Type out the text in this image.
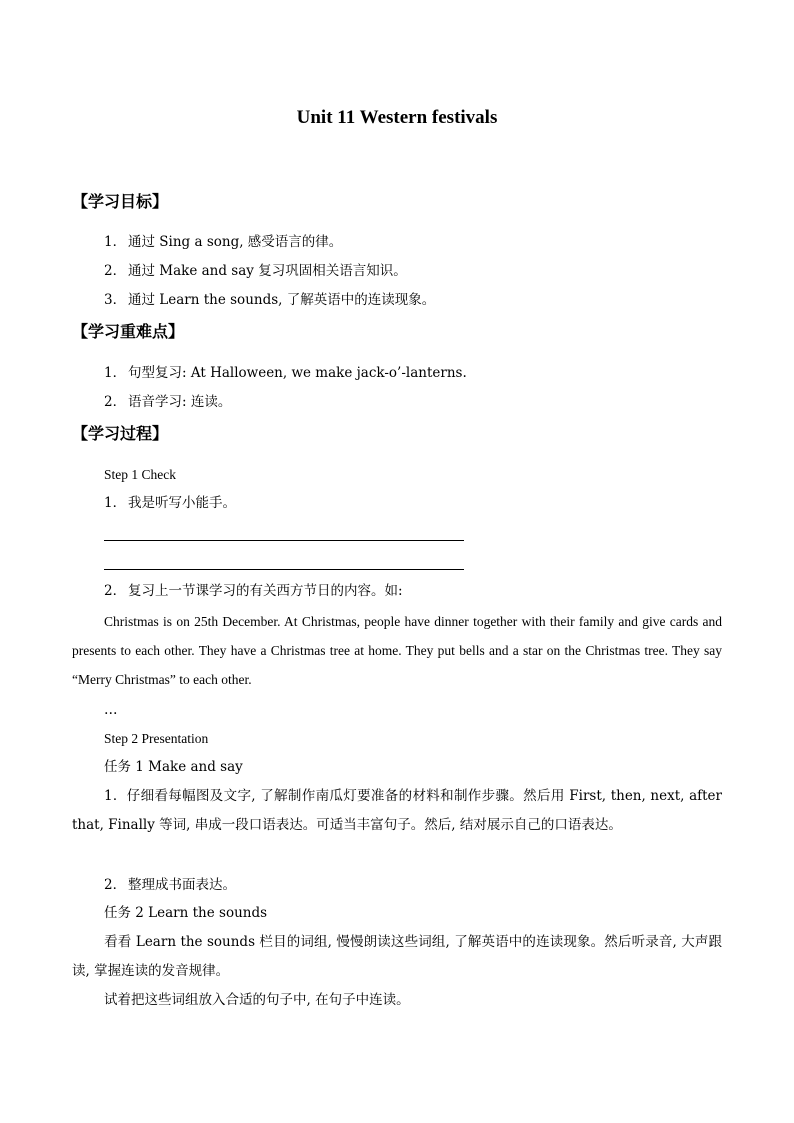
Unit 11 Western festivals
【学习目标】
1． 通过 Sing a song, 感受语言的律。
2． 通过 Make and say 复习巩固相关语言知识。
3． 通过 Learn the sounds, 了解英语中的连读现象。
【学习重难点】
1． 句型复习: At Halloween, we make jack-o’-lanterns.
2． 语音学习: 连读。
【学习过程】
Step 1 Check
1． 我是听写小能手。
2． 复习上一节课学习的有关西方节日的内容。如:
Christmas is on 25th December. At Christmas, people have dinner together with their family and give cards and presents to each other. They have a Christmas tree at home. They put bells and a star on the Christmas tree. They say “Merry Christmas” to each other.
…
Step 2 Presentation
任务 1 Make and say
1．仔细看每幅图及文字, 了解制作南瓜灯要准备的材料和制作步骤。然后用 First, then, next, after that, Finally 等词, 串成一段口语表达。可适当丰富句子。然后, 结对展示自己的口语表达。
2． 整理成书面表达。
任务 2 Learn the sounds
看看 Learn the sounds 栏目的词组, 慢慢朗读这些词组, 了解英语中的连读现象。然后听录音, 大声跟读, 掌握连读的发音规律。
试着把这些词组放入合适的句子中, 在句子中连读。
